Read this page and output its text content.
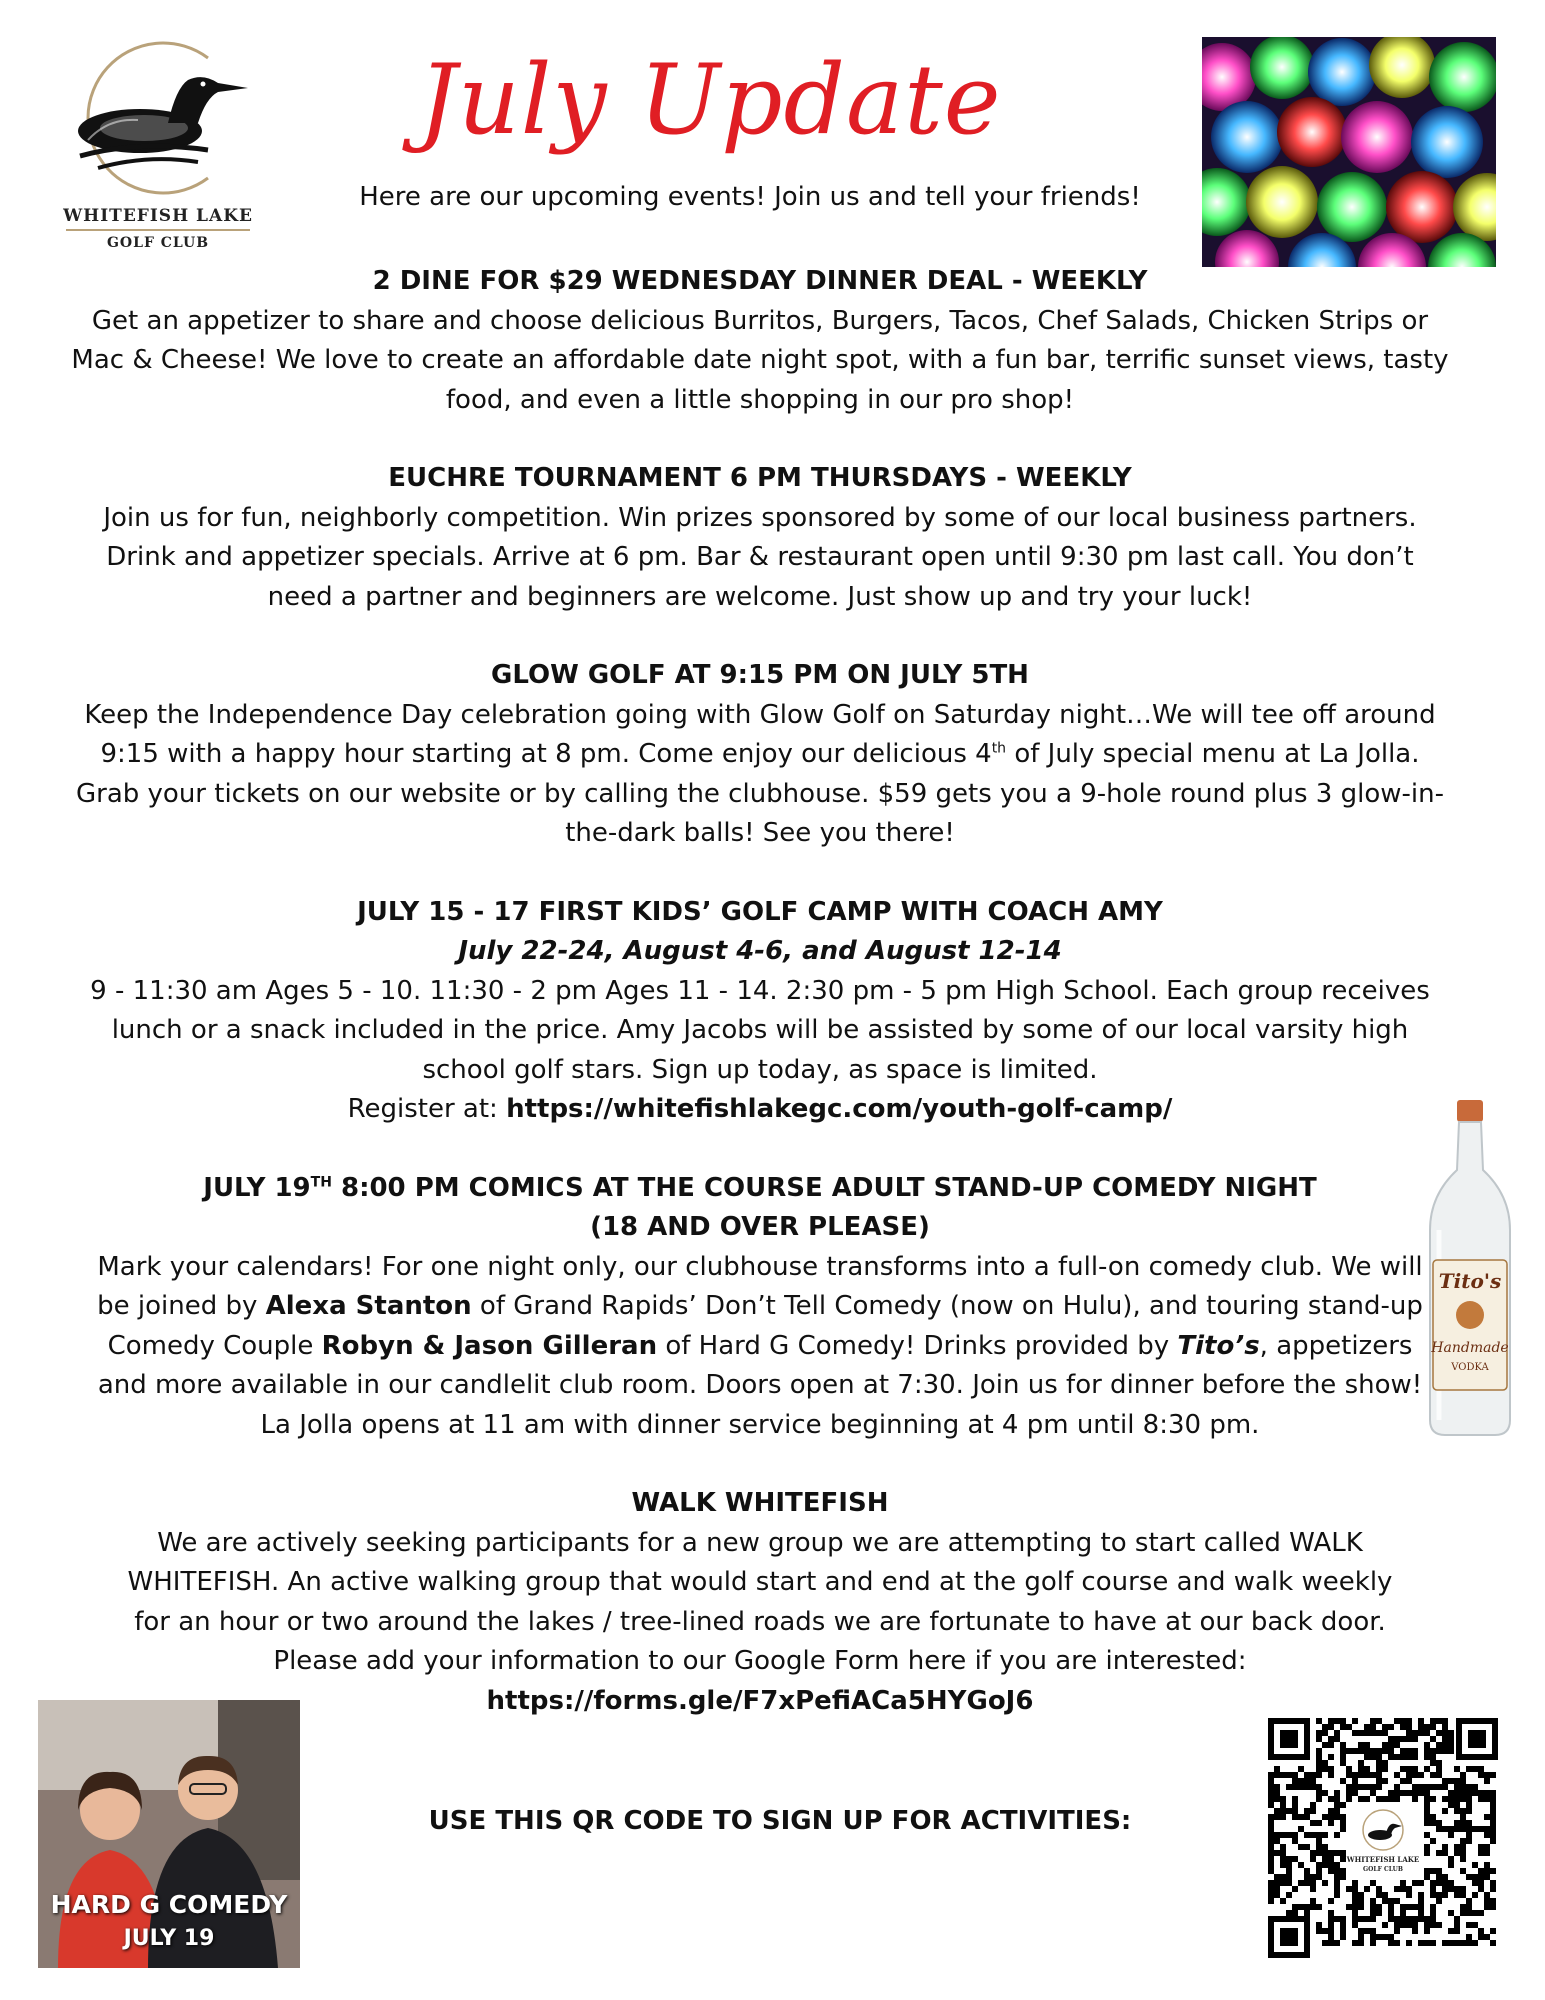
WHITEFISH LAKE
GOLF CLUB
July Update
Here are our upcoming events! Join us and tell your friends!
2 DINE FOR $29 WEDNESDAY DINNER DEAL - WEEKLY

Get an appetizer to share and choose delicious Burritos, Burgers, Tacos, Chef Salads, Chicken Strips or Mac & Cheese! We love to create an affordable date night spot, with a fun bar, terrific sunset views, tasty food, and even a little shopping in our pro shop!

EUCHRE TOURNAMENT 6 PM THURSDAYS - WEEKLY

Join us for fun, neighborly competition. Win prizes sponsored by some of our local business partners. Drink and appetizer specials. Arrive at 6 pm. Bar & restaurant open until 9:30 pm last call. You don’t need a partner and beginners are welcome. Just show up and try your luck!

GLOW GOLF AT 9:15 PM ON JULY 5TH

Keep the Independence Day celebration going with Glow Golf on Saturday night…We will tee off around 9:15 with a happy hour starting at 8 pm. Come enjoy our delicious 4th of July special menu at La Jolla. Grab your tickets on our website or by calling the clubhouse. $59 gets you a 9-hole round plus 3 glow-in-the-dark balls! See you there!

JULY 15 - 17 FIRST KIDS’ GOLF CAMP WITH COACH AMY

July 22-24, August 4-6, and August 12-14

9 - 11:30 am Ages 5 - 10. 11:30 - 2 pm Ages 11 - 14. 2:30 pm - 5 pm High School. Each group receives lunch or a snack included in the price. Amy Jacobs will be assisted by some of our local varsity high school golf stars. Sign up today, as space is limited.

Register at: https://whitefishlakegc.com/youth-golf-camp/

JULY 19TH 8:00 PM COMICS AT THE COURSE ADULT STAND-UP COMEDY NIGHT
(18 AND OVER PLEASE)

Mark your calendars! For one night only, our clubhouse transforms into a full-on comedy club. We will be joined by Alexa Stanton of Grand Rapids’ Don’t Tell Comedy (now on Hulu), and touring stand-up Comedy Couple Robyn & Jason Gilleran of Hard G Comedy! Drinks provided by Tito’s, appetizers and more available in our candlelit club room. Doors open at 7:30. Join us for dinner before the show! La Jolla opens at 11 am with dinner service beginning at 4 pm until 8:30 pm.

WALK WHITEFISH

We are actively seeking participants for a new group we are attempting to start called WALK WHITEFISH. An active walking group that would start and end at the golf course and walk weekly for an hour or two around the lakes / tree-lined roads we are fortunate to have at our back door. Please add your information to our Google Form here if you are interested:

https://forms.gle/F7xPefiACa5HYGoJ6

Tito's
Handmade
VODKA
HARD G COMEDY
JULY 19
USE THIS QR CODE TO SIGN UP FOR ACTIVITIES:
WHITEFISH LAKE
GOLF CLUB
